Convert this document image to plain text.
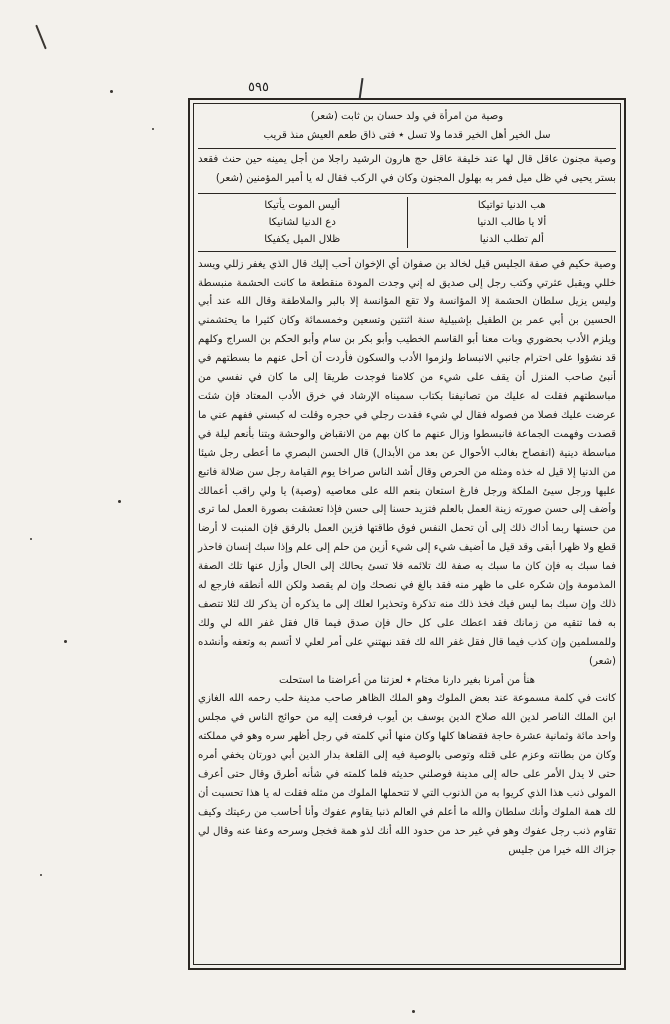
٥٩٥

وصية من امرأة في ولد حسان بن ثابت (شعر)

سل الخير أهل الخير قدما ولا تسل ٭ فتى ذاق طعم العيش منذ قريب

وصية مجنون عاقل قال لها عند خليفة عاقل حج هارون الرشيد راجلا من أجل يمينه حين حنث فقعد بستر يحيى في ظل ميل فمر به بهلول المجنون وكان في الركب فقال له يا أمير المؤمنين (شعر)

هب الدنيا تواتيكا
ألا يا طالب الدنيا
ألم تطلب الدنيا
أليس الموت يأتيكا
دع الدنيا لشانيكا
ظلال الميل يكفيكا

وصية حكيم في صفة الجليس قيل لخالد بن صفوان أي الإخوان أحب إليك قال الذي يغفر زللي ويسد خللي ويقبل عثرتي وكتب رجل إلى صديق له إني وجدت المودة منقطعة ما كانت الحشمة منبسطة وليس يزيل سلطان الحشمة إلا المؤانسة ولا تقع المؤانسة إلا بالبر والملاطفة وقال الله عند أبي الحسين بن أبي عمر بن الطفيل بإشبيلية سنة اثنتين وتسعين وخمسمائة وكان كثيرا ما يحتشمني ويلزم الأدب بحضوري وبات معنا أبو القاسم الخطيب وأبو بكر بن سام وأبو الحكم بن السراج وكلهم قد نشؤوا على احترام جانبي الانبساط ولزموا الأدب والسكون فأردت أن أحل عنهم ما بسطتهم في أنبئ صاحب المنزل أن يقف على شيء من كلامنا فوجدت طريقا إلى ما كان في نفسي من مباسطتهم فقلت له عليك من تصانيفنا بكتاب سميناه الإرشاد في خرق الأدب المعتاد فإن شئت عرضت عليك فصلا من فصوله فقال لي شيء فقدت رجلي في حجره وقلت له كبسني ففهم عني ما قصدت وفهمت الجماعة فانبسطوا وزال عنهم ما كان بهم من الانقباض والوحشة وبتنا بأنعم ليلة في مباسطة دينية (انفصاح بغالب الأحوال عن بعد من الأبدال) قال الحسن البصري ما أعطى رجل شيئا من الدنيا إلا قيل له خذه ومثله من الحرص وقال أشد الناس صراخا يوم القيامة رجل سن ضلالة فاتبع عليها ورجل سيئ الملكة ورجل فارغ استعان بنعم الله على معاصيه (وصية) يا ولي راقب أعمالك وأضف إلى حسن صورته زينة العمل بالعلم فتزيد حسنا إلى حسن فإذا تعشقت بصورة العمل لما ترى من حسنها ربما أداك ذلك إلى أن تحمل النفس فوق طاقتها فزين العمل بالرفق فإن المنبت لا أرضا قطع ولا ظهرا أبقى وقد قيل ما أضيف شيء إلى شيء أزين من حلم إلى علم وإذا سبك إنسان فاحذر فما سبك به فإن كان ما سبك به صفة لك تلائمه فلا تسئ بحالك إلى الحال وأزل عنها تلك الصفة المذمومة وإن شكره على ما ظهر منه فقد بالغ في نصحك وإن لم يقصد ولكن الله أنطقه فارجع له ذلك وإن سبك بما ليس فيك فخذ ذلك منه تذكرة وتحذيرا لعلك إلى ما يذكره أن يذكر لك لئلا تتصف به فما تتقيه من زمانك فقد اعطك على كل حال فإن صدق فيما قال فقل غفر الله لي ولك وللمسلمين وإن كذب فيما قال فقل غفر الله لك فقد نبهتني على أمر لعلي لا أتسم به وتعفه وأنشده (شعر)

هنأ من أمرنا بغير دارنا مختام ٭ لعزتنا من أعراضنا ما استحلت

كانت في كلمة مسموعة عند بعض الملوك وهو الملك الظاهر صاحب مدينة حلب رحمه الله الغازي ابن الملك الناصر لدين الله صلاح الدين يوسف بن أيوب فرفعت إليه من حوائج الناس في مجلس واحد مائة وثمانية عشرة حاجة فقضاها كلها وكان منها أني كلمته في رجل أظهر سره وهو في مملكته وكان من بطانته وعزم على قتله وتوصى بالوصية فيه إلى القلعة بدار الدين أبي دورتان يخفي أمره حتى لا يدل الأمر على حاله إلى مدينة فوصلني حديثه فلما كلمته في شأنه أطرق وقال حتى أعرف المولى ذنب هذا الذي كريوا به من الذنوب التي لا تتحملها الملوك من مثله فقلت له يا هذا تحسبت أن لك همة الملوك وأنك سلطان والله ما أعلم في العالم ذنبا يقاوم عفوك وأنا أحاسب من رعيتك وكيف تقاوم ذنب رجل عفوك وهو في غير حد من حدود الله أنك لذو همة فخجل وسرحه وعفا عنه وقال لي جزاك الله خيرا من جليس
